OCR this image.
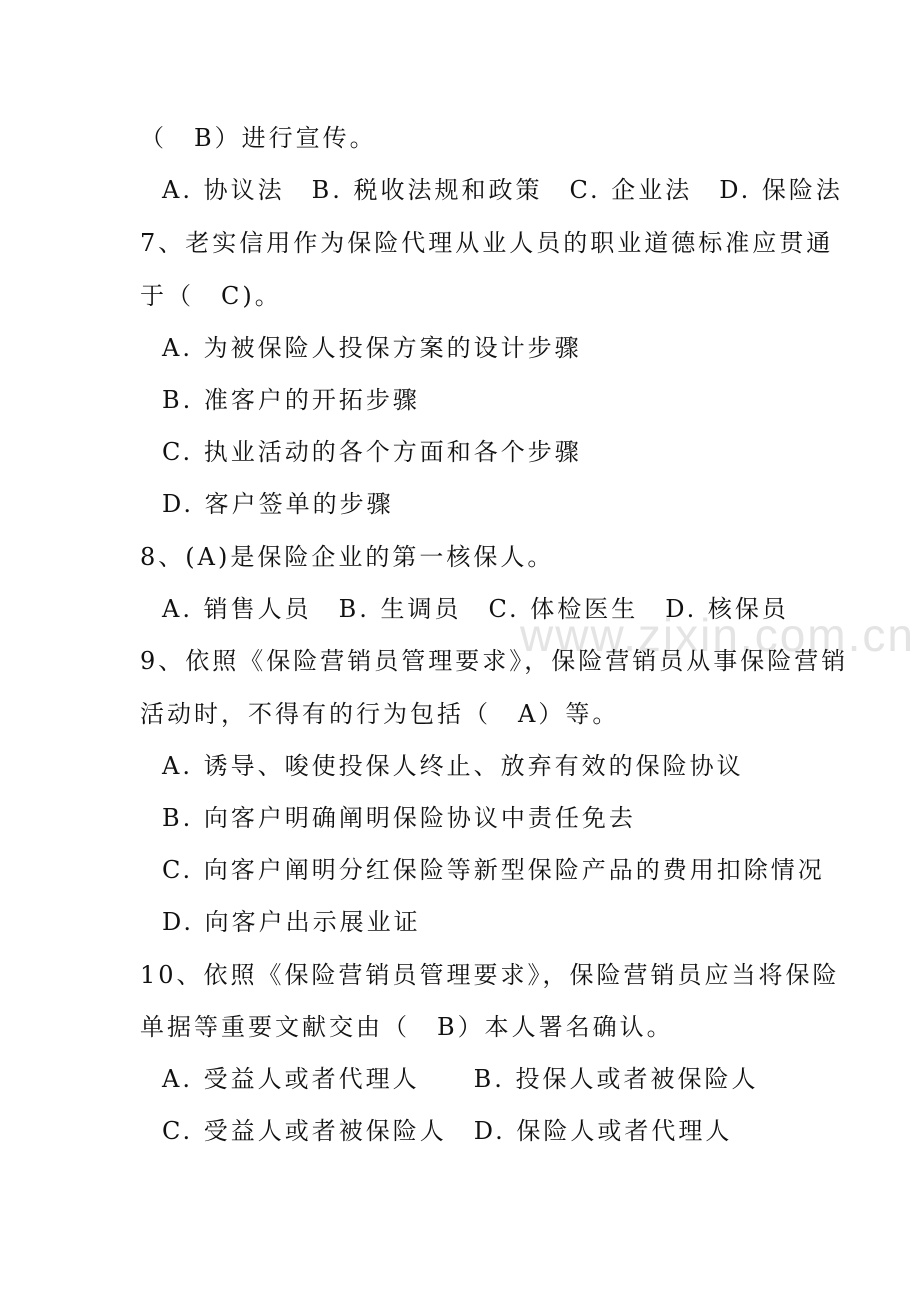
www.zixin.com.cn
（　B）进行宣传。
A. 协议法　B. 税收法规和政策　C. 企业法　D. 保险法
7、老实信用作为保险代理从业人员的职业道德标准应贯通
于（　C)。
A. 为被保险人投保方案的设计步骤
B. 准客户的开拓步骤
C. 执业活动的各个方面和各个步骤
D. 客户签单的步骤
8、(A)是保险企业的第一核保人。
A. 销售人员　B. 生调员　C. 体检医生　D. 核保员
9、依照《保险营销员管理要求》，保险营销员从事保险营销
活动时，不得有的行为包括（　A）等。
A. 诱导、唆使投保人终止、放弃有效的保险协议
B. 向客户明确阐明保险协议中责任免去
C. 向客户阐明分红保险等新型保险产品的费用扣除情况
D. 向客户出示展业证
10、依照《保险营销员管理要求》，保险营销员应当将保险
单据等重要文献交由（　B）本人署名确认。
A. 受益人或者代理人　　B. 投保人或者被保险人
C. 受益人或者被保险人　D. 保险人或者代理人
